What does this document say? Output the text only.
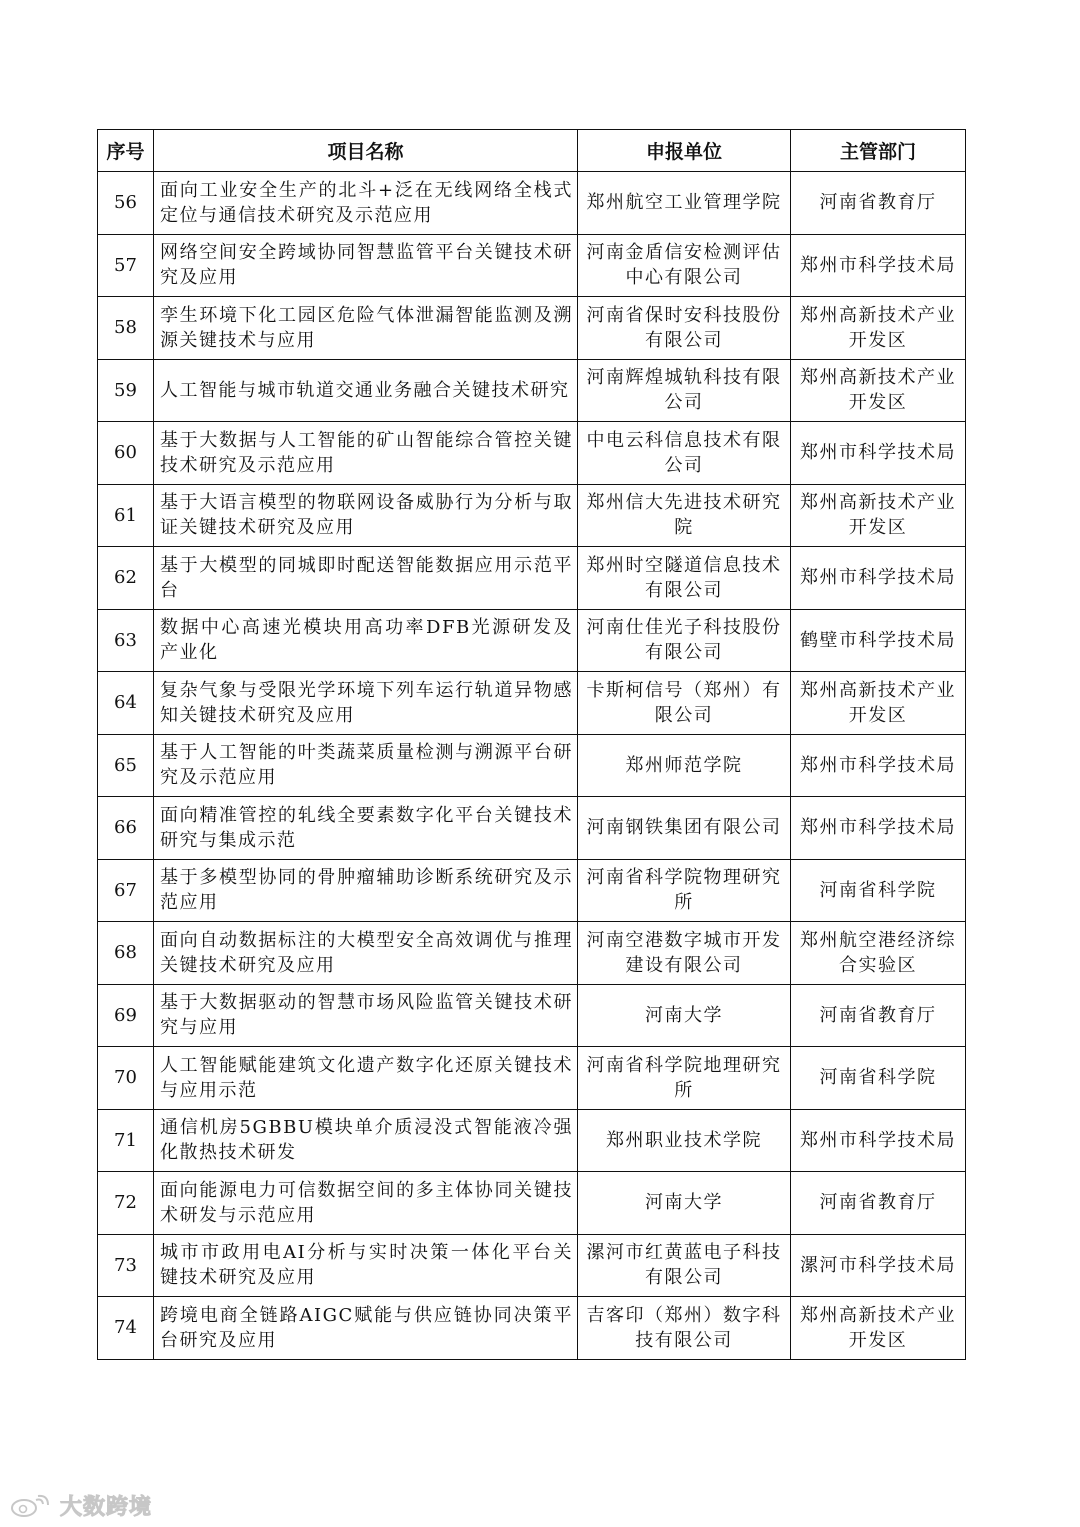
序号	项目名称	申报单位	主管部门
56	面向工业安全生产的北斗+泛在无线网络全栈式定位与通信技术研究及示范应用	郑州航空工业管理学院	河南省教育厅
57	网络空间安全跨域协同智慧监管平台关键技术研究及应用	河南金盾信安检测评估中心有限公司	郑州市科学技术局
58	孪生环境下化工园区危险气体泄漏智能监测及溯源关键技术与应用	河南省保时安科技股份有限公司	郑州高新技术产业开发区
59	人工智能与城市轨道交通业务融合关键技术研究	河南辉煌城轨科技有限公司	郑州高新技术产业开发区
60	基于大数据与人工智能的矿山智能综合管控关键技术研究及示范应用	中电云科信息技术有限公司	郑州市科学技术局
61	基于大语言模型的物联网设备威胁行为分析与取证关键技术研究及应用	郑州信大先进技术研究院	郑州高新技术产业开发区
62	基于大模型的同城即时配送智能数据应用示范平台	郑州时空隧道信息技术有限公司	郑州市科学技术局
63	数据中心高速光模块用高功率DFB光源研发及产业化	河南仕佳光子科技股份有限公司	鹤壁市科学技术局
64	复杂气象与受限光学环境下列车运行轨道异物感知关键技术研究及应用	卡斯柯信号（郑州）有限公司	郑州高新技术产业开发区
65	基于人工智能的叶类蔬菜质量检测与溯源平台研究及示范应用	郑州师范学院	郑州市科学技术局
66	面向精准管控的轧线全要素数字化平台关键技术研究与集成示范	河南钢铁集团有限公司	郑州市科学技术局
67	基于多模型协同的骨肿瘤辅助诊断系统研究及示范应用	河南省科学院物理研究所	河南省科学院
68	面向自动数据标注的大模型安全高效调优与推理关键技术研究及应用	河南空港数字城市开发建设有限公司	郑州航空港经济综合实验区
69	基于大数据驱动的智慧市场风险监管关键技术研究与应用	河南大学	河南省教育厅
70	人工智能赋能建筑文化遗产数字化还原关键技术与应用示范	河南省科学院地理研究所	河南省科学院
71	通信机房5GBBU模块单介质浸没式智能液冷强化散热技术研发	郑州职业技术学院	郑州市科学技术局
72	面向能源电力可信数据空间的多主体协同关键技术研发与示范应用	河南大学	河南省教育厅
73	城市市政用电AI分析与实时决策一体化平台关键技术研究及应用	漯河市红黄蓝电子科技有限公司	漯河市科学技术局
74	跨境电商全链路AIGC赋能与供应链协同决策平台研究及应用	吉客印（郑州）数字科技有限公司	郑州高新技术产业开发区
大数跨境
